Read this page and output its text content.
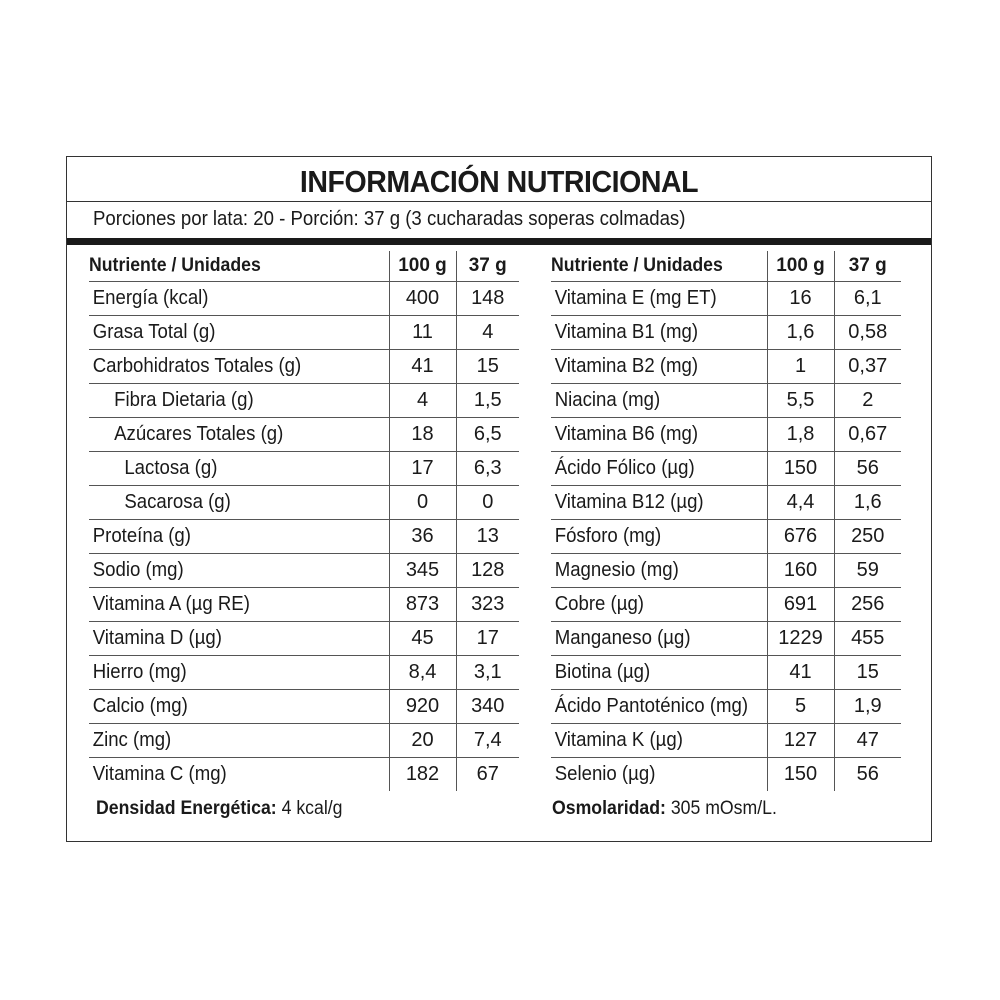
INFORMACIÓN NUTRICIONAL
Porciones por lata: 20 - Porción: 37 g (3 cucharadas soperas colmadas)
Nutriente / Unidades	100 g	37 g
Energía (kcal)	400	148
Grasa Total (g)	11	4
Carbohidratos Totales (g)	41	15
Fibra Dietaria (g)	4	1,5
Azúcares Totales (g)	18	6,5
Lactosa (g)	17	6,3
Sacarosa (g)	0	0
Proteína (g)	36	13
Sodio (mg)	345	128
Vitamina A (µg RE)	873	323
Vitamina D (µg)	45	17
Hierro (mg)	8,4	3,1
Calcio (mg)	920	340
Zinc (mg)	20	7,4
Vitamina C (mg)	182	67
Nutriente / Unidades	100 g	37 g
Vitamina E (mg ET)	16	6,1
Vitamina B1 (mg)	1,6	0,58
Vitamina B2 (mg)	1	0,37
Niacina (mg)	5,5	2
Vitamina B6 (mg)	1,8	0,67
Ácido Fólico (µg)	150	56
Vitamina B12 (µg)	4,4	1,6
Fósforo (mg)	676	250
Magnesio (mg)	160	59
Cobre (µg)	691	256
Manganeso (µg)	1229	455
Biotina (µg)	41	15
Ácido Pantoténico (mg)	5	1,9
Vitamina K (µg)	127	47
Selenio (µg)	150	56
Densidad Energética: 4 kcal/g	Osmolaridad: 305 mOsm/L.
